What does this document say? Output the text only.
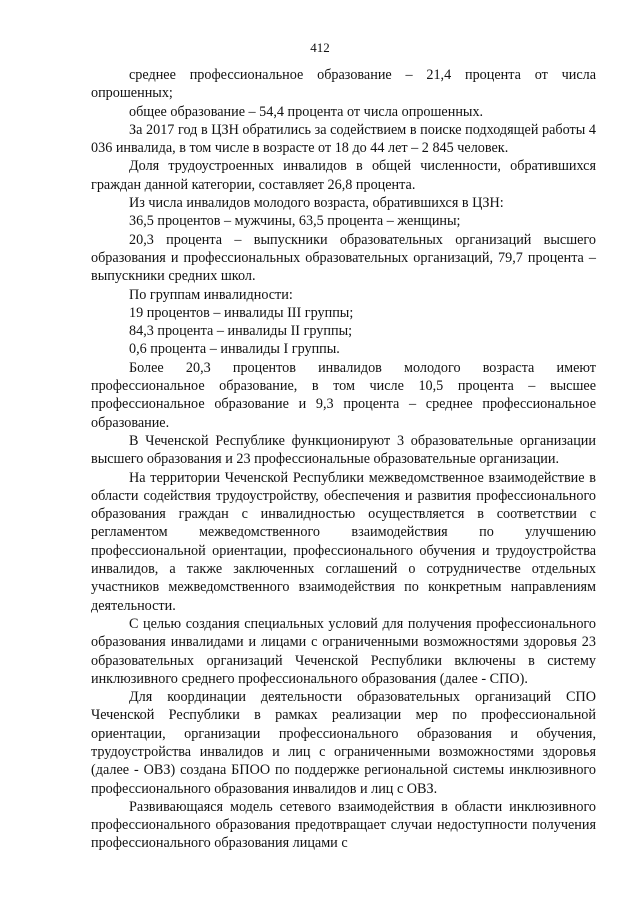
412

среднее профессиональное образование – 21,4 процента от числа опрошенных;

общее образование – 54,4 процента от числа опрошенных.

За 2017 год в ЦЗН обратились за содействием в поиске подходящей работы 4 036 инвалида, в том числе в возрасте от 18 до 44 лет – 2 845 человек.

Доля трудоустроенных инвалидов в общей численности, обратившихся граждан данной категории, составляет 26,8 процента.

Из числа инвалидов молодого возраста, обратившихся в ЦЗН:

36,5 процентов – мужчины, 63,5 процента – женщины;

20,3 процента – выпускники образовательных организаций высшего образования и профессиональных образовательных организаций, 79,7 процента – выпускники средних школ.

По группам инвалидности:

19 процентов – инвалиды III группы;

84,3 процента – инвалиды II группы;

0,6 процента – инвалиды I группы.

Более 20,3 процентов инвалидов молодого возраста имеют профессиональное образование, в том числе 10,5 процента – высшее профессиональное образование и 9,3 процента – среднее профессиональное образование.

В Чеченской Республике функционируют 3 образовательные организации высшего образования и 23 профессиональные образовательные организации.

На территории Чеченской Республики межведомственное взаимодействие в области содействия трудоустройству, обеспечения и развития профессионального образования граждан с инвалидностью осуществляется в соответствии с регламентом межведомственного взаимодействия по улучшению профессиональной ориентации, профессионального обучения и трудоустройства инвалидов, а также заключенных соглашений о сотрудничестве отдельных участников межведомственного взаимодействия по конкретным направлениям деятельности.

С целью создания специальных условий для получения профессионального образования инвалидами и лицами с ограниченными возможностями здоровья 23 образовательных организаций Чеченской Республики включены в систему инклюзивного среднего профессионального образования (далее - СПО).

Для координации деятельности образовательных организаций СПО Чеченской Республики в рамках реализации мер по профессиональной ориентации, организации профессионального образования и обучения, трудоустройства инвалидов и лиц с ограниченными возможностями здоровья (далее - ОВЗ) создана БПОО по поддержке региональной системы инклюзивного профессионального образования инвалидов и лиц с ОВЗ.

Развивающаяся модель сетевого взаимодействия в области инклюзивного профессионального образования предотвращает случаи недоступности получения профессионального образования лицами с
